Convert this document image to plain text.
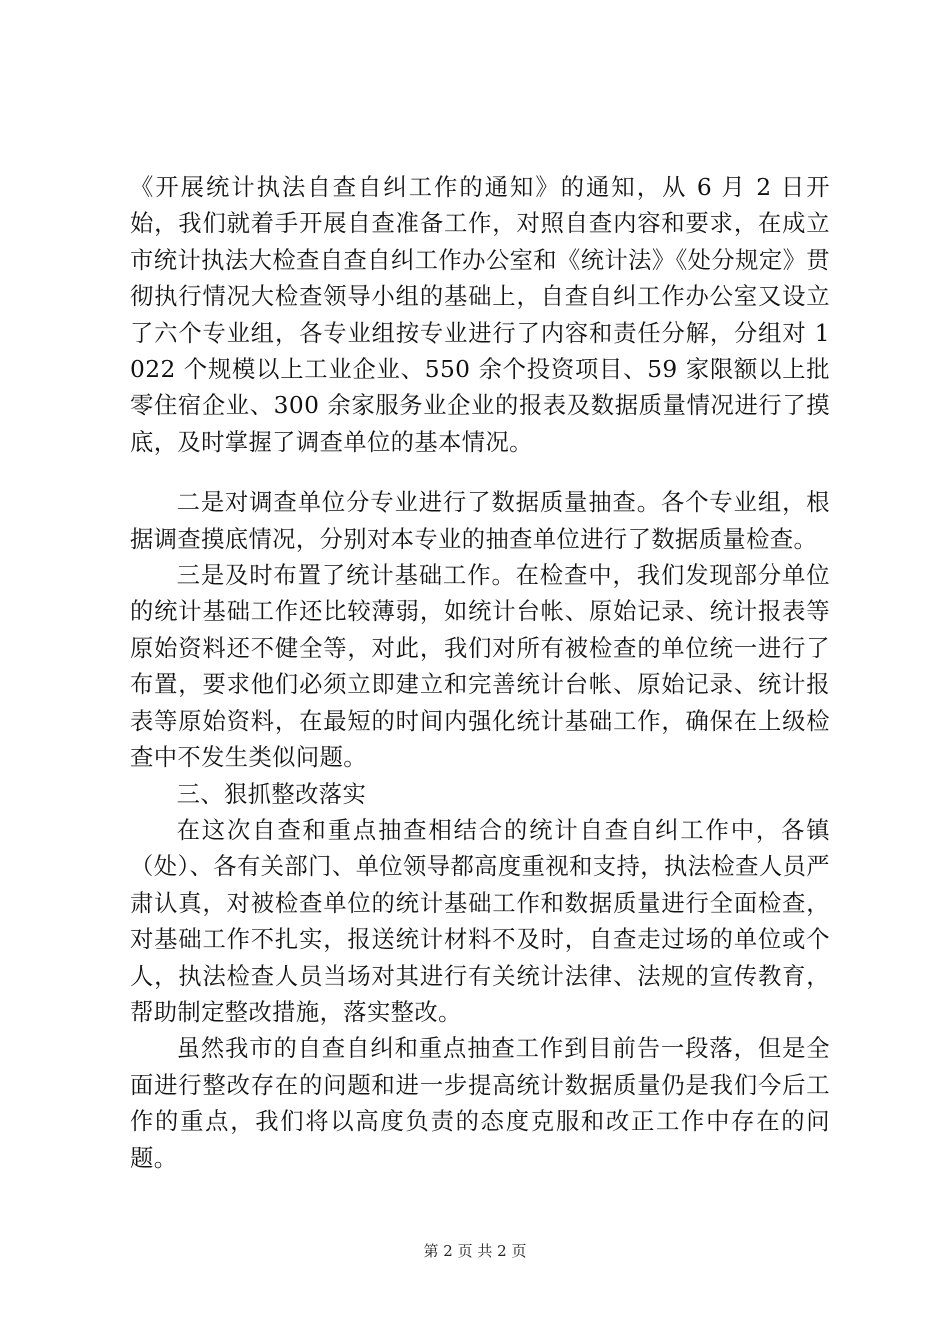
《开展统计执法自查自纠工作的通知》的通知，从 6 月 2 日开始，我们就着手开展自查准备工作，对照自查内容和要求，在成立市统计执法大检查自查自纠工作办公室和《统计法》《处分规定》贯彻执行情况大检查领导小组的基础上，自查自纠工作办公室又设立了六个专业组，各专业组按专业进行了内容和责任分解，分组对 1022 个规模以上工业企业、550 余个投资项目、59 家限额以上批零住宿企业、300 余家服务业企业的报表及数据质量情况进行了摸底，及时掌握了调查单位的基本情况。

二是对调查单位分专业进行了数据质量抽查。各个专业组，根据调查摸底情况，分别对本专业的抽查单位进行了数据质量检查。

三是及时布置了统计基础工作。在检查中，我们发现部分单位的统计基础工作还比较薄弱，如统计台帐、原始记录、统计报表等原始资料还不健全等，对此，我们对所有被检查的单位统一进行了布置，要求他们必须立即建立和完善统计台帐、原始记录、统计报表等原始资料，在最短的时间内强化统计基础工作，确保在上级检查中不发生类似问题。

三、狠抓整改落实

在这次自查和重点抽查相结合的统计自查自纠工作中，各镇（处）、各有关部门、单位领导都高度重视和支持，执法检查人员严肃认真，对被检查单位的统计基础工作和数据质量进行全面检查，对基础工作不扎实，报送统计材料不及时，自查走过场的单位或个人，执法检查人员当场对其进行有关统计法律、法规的宣传教育，帮助制定整改措施，落实整改。

虽然我市的自查自纠和重点抽查工作到目前告一段落，但是全面进行整改存在的问题和进一步提高统计数据质量仍是我们今后工作的重点，我们将以高度负责的态度克服和改正工作中存在的问题。

第 2 页 共 2 页
